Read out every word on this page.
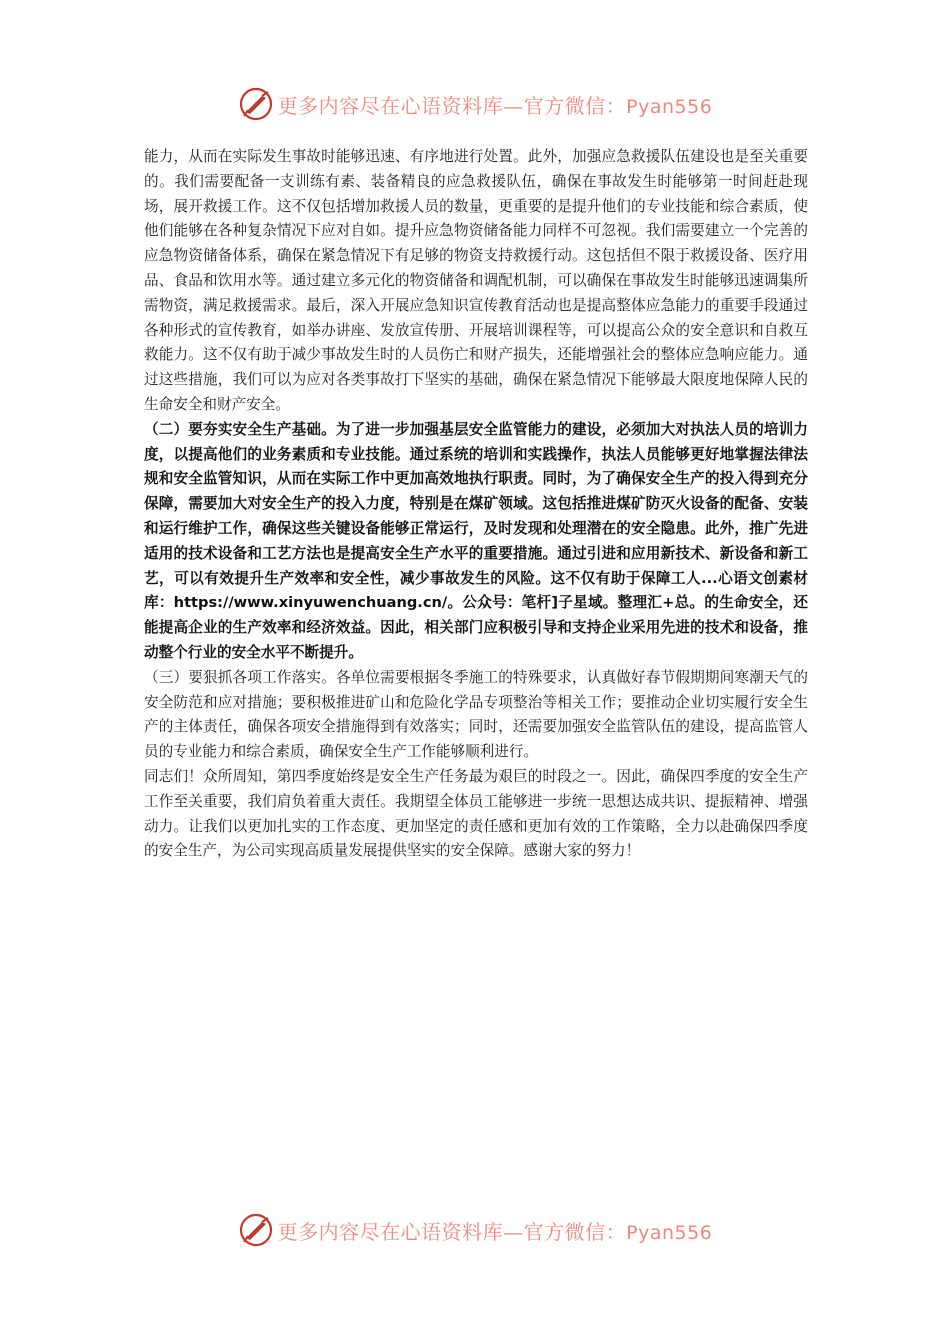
更多内容尽在心语资料库—官方微信：Pyan556

能力，从而在实际发生事故时能够迅速、有序地进行处置。此外，加强应急救援队伍建设也是至关重要的。我们需要配备一支训练有素、装备精良的应急救援队伍，确保在事故发生时能够第一时间赶赴现场，展开救援工作。这不仅包括增加救援人员的数量，更重要的是提升他们的专业技能和综合素质，使他们能够在各种复杂情况下应对自如。提升应急物资储备能力同样不可忽视。我们需要建立一个完善的应急物资储备体系，确保在紧急情况下有足够的物资支持救援行动。这包括但不限于救援设备、医疗用品、食品和饮用水等。通过建立多元化的物资储备和调配机制，可以确保在事故发生时能够迅速调集所需物资，满足救援需求。最后，深入开展应急知识宣传教育活动也是提高整体应急能力的重要手段通过各种形式的宣传教育，如举办讲座、发放宣传册、开展培训课程等，可以提高公众的安全意识和自救互救能力。这不仅有助于减少事故发生时的人员伤亡和财产损失，还能增强社会的整体应急响应能力。通过这些措施，我们可以为应对各类事故打下坚实的基础，确保在紧急情况下能够最大限度地保障人民的生命安全和财产安全。

（二）要夯实安全生产基础。为了进一步加强基层安全监管能力的建设，必须加大对执法人员的培训力度，以提高他们的业务素质和专业技能。通过系统的培训和实践操作，执法人员能够更好地掌握法律法规和安全监管知识，从而在实际工作中更加高效地执行职责。同时，为了确保安全生产的投入得到充分保障，需要加大对安全生产的投入力度，特别是在煤矿领域。这包括推进煤矿防灭火设备的配备、安装和运行维护工作，确保这些关键设备能够正常运行，及时发现和处理潜在的安全隐患。此外，推广先进适用的技术设备和工艺方法也是提高安全生产水平的重要措施。通过引进和应用新技术、新设备和新工艺，可以有效提升生产效率和安全性，减少事故发生的风险。这不仅有助于保障工人...心语文创素材库：https://www.xinyuwenchuang.cn/。公众号：笔杆]子星域。整理汇+总。的生命安全，还能提高企业的生产效率和经济效益。因此，相关部门应积极引导和支持企业采用先进的技术和设备，推动整个行业的安全水平不断提升。

（三）要狠抓各项工作落实。各单位需要根据冬季施工的特殊要求，认真做好春节假期期间寒潮天气的安全防范和应对措施；要积极推进矿山和危险化学品专项整治等相关工作；要推动企业切实履行安全生产的主体责任，确保各项安全措施得到有效落实；同时，还需要加强安全监管队伍的建设，提高监管人员的专业能力和综合素质，确保安全生产工作能够顺利进行。

同志们！众所周知，第四季度始终是安全生产任务最为艰巨的时段之一。因此，确保四季度的安全生产工作至关重要，我们肩负着重大责任。我期望全体员工能够进一步统一思想达成共识、提振精神、增强动力。让我们以更加扎实的工作态度、更加坚定的责任感和更加有效的工作策略，全力以赴确保四季度的安全生产，为公司实现高质量发展提供坚实的安全保障。感谢大家的努力！

更多内容尽在心语资料库—官方微信：Pyan556
